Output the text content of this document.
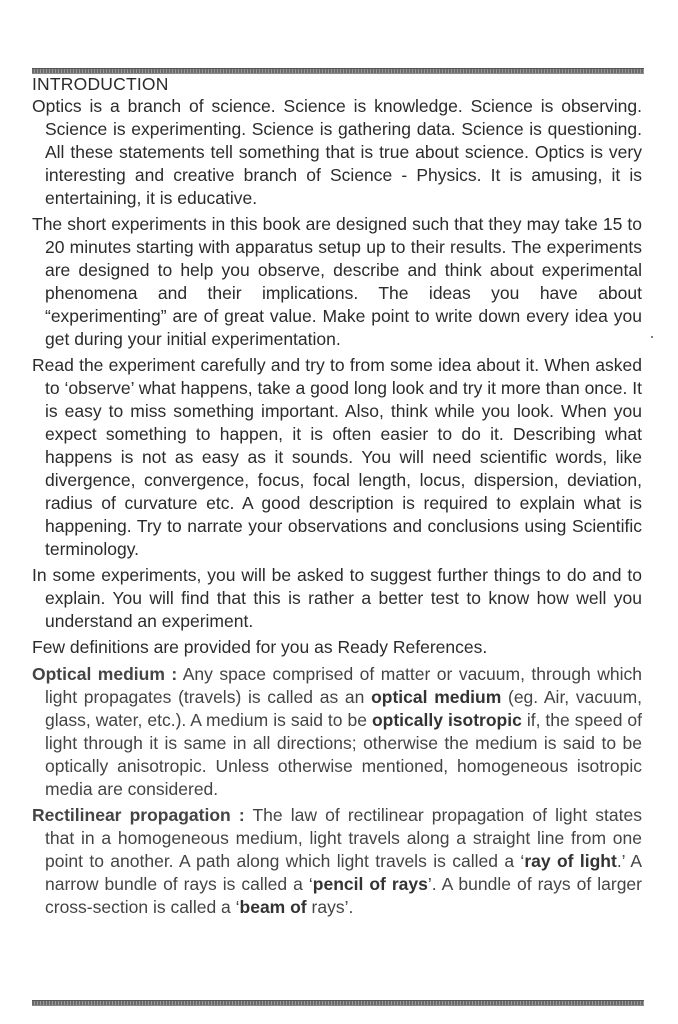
INTRODUCTION

Optics is a branch of science. Science is knowledge. Science is observing. Science is experimenting. Science is gathering data. Science is questioning. All these statements tell something that is true about science. Optics is very interesting and creative branch of Science - Physics. It is amusing, it is entertaining, it is educative.

The short experiments in this book are designed such that they may take 15 to 20 minutes starting with apparatus setup up to their results. The experiments are designed to help you observe, describe and think about experimental phenomena and their implications. The ideas you have about “experimenting” are of great value. Make point to write down every idea you get during your initial experimentation.

Read the experiment carefully and try to from some idea about it. When asked to ‘observe’ what happens, take a good long look and try it more than once. It is easy to miss something important. Also, think while you look. When you expect something to happen, it is often easier to do it. Describing what happens is not as easy as it sounds. You will need scientific words, like divergence, convergence, focus, focal length, locus, dispersion, deviation, radius of curvature etc. A good description is required to explain what is happening. Try to narrate your observations and conclusions using Scientific terminology.

In some experiments, you will be asked to suggest further things to do and to explain. You will find that this is rather a better test to know how well you understand an experiment.

Few definitions are provided for you as Ready References.

Optical medium : Any space comprised of matter or vacuum, through which light propagates (travels) is called as an optical medium (eg. Air, vacuum, glass, water, etc.). A medium is said to be optically isotropic if, the speed of light through it is same in all directions; otherwise the medium is said to be optically anisotropic. Unless otherwise mentioned, homogeneous isotropic media are considered.

Rectilinear propagation : The law of rectilinear propagation of light states that in a homogeneous medium, light travels along a straight line from one point to another. A path along which light travels is called a ‘ray of light.’ A narrow bundle of rays is called a ‘pencil of rays’. A bundle of rays of larger cross-section is called a ‘beam of rays’.
